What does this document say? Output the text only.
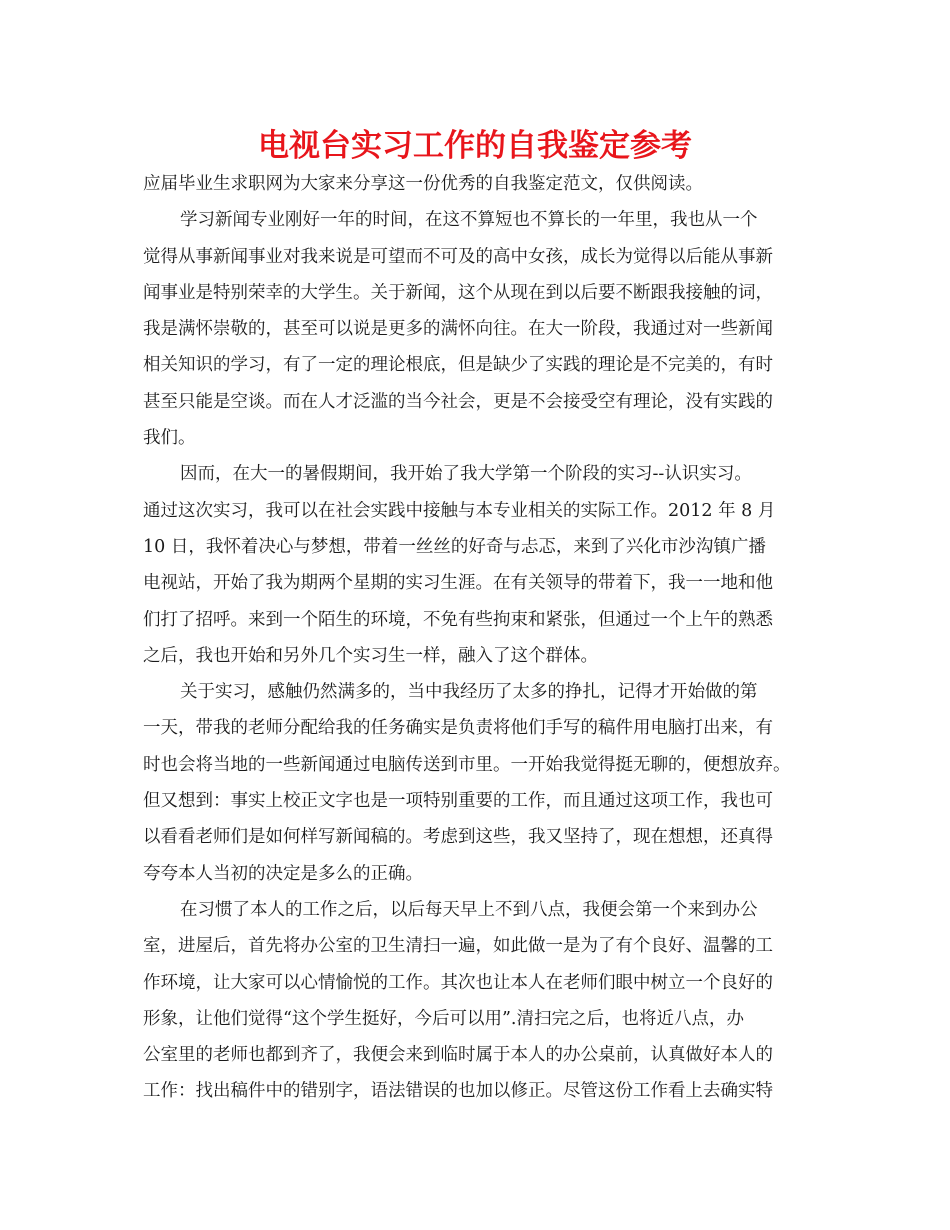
电视台实习工作的自我鉴定参考
应届毕业生求职网为大家来分享这一份优秀的自我鉴定范文，仅供阅读。
学习新闻专业刚好一年的时间，在这不算短也不算长的一年里，我也从一个
觉得从事新闻事业对我来说是可望而不可及的高中女孩，成长为觉得以后能从事新
闻事业是特别荣幸的大学生。关于新闻，这个从现在到以后要不断跟我接触的词，
我是满怀崇敬的，甚至可以说是更多的满怀向往。在大一阶段，我通过对一些新闻
相关知识的学习，有了一定的理论根底，但是缺少了实践的理论是不完美的，有时
甚至只能是空谈。而在人才泛滥的当今社会，更是不会接受空有理论，没有实践的
我们。
因而，在大一的暑假期间，我开始了我大学第一个阶段的实习--认识实习。
通过这次实习，我可以在社会实践中接触与本专业相关的实际工作。2012 年 8 月
10 日，我怀着决心与梦想，带着一丝丝的好奇与忐忑，来到了兴化市沙沟镇广播
电视站，开始了我为期两个星期的实习生涯。在有关领导的带着下，我一一地和他
们打了招呼。来到一个陌生的环境，不免有些拘束和紧张，但通过一个上午的熟悉
之后，我也开始和另外几个实习生一样，融入了这个群体。
关于实习，感触仍然满多的，当中我经历了太多的挣扎，记得才开始做的第
一天，带我的老师分配给我的任务确实是负责将他们手写的稿件用电脑打出来，有
时也会将当地的一些新闻通过电脑传送到市里。一开始我觉得挺无聊的，便想放弃。
但又想到：事实上校正文字也是一项特别重要的工作，而且通过这项工作，我也可
以看看老师们是如何样写新闻稿的。考虑到这些，我又坚持了，现在想想，还真得
夸夸本人当初的决定是多么的正确。
在习惯了本人的工作之后，以后每天早上不到八点，我便会第一个来到办公
室，进屋后，首先将办公室的卫生清扫一遍，如此做一是为了有个良好、温馨的工
作环境，让大家可以心情愉悦的工作。其次也让本人在老师们眼中树立一个良好的
形象，让他们觉得“这个学生挺好，今后可以用”.清扫完之后，也将近八点，办
公室里的老师也都到齐了，我便会来到临时属于本人的办公桌前，认真做好本人的
工作：找出稿件中的错别字，语法错误的也加以修正。尽管这份工作看上去确实特
